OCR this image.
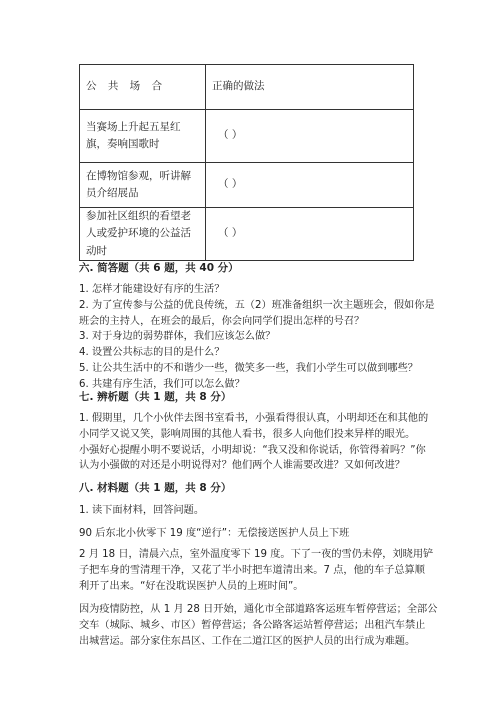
公 共 场 合	正确的做法
当赛场上升起五星红旗，奏响国歌时	（ ）
在博物馆参观，听讲解员介绍展品	（ ）
参加社区组织的看望老人或爱护环境的公益活动时	（ ）
六. 简答题（共 6 题，共 40 分）
1. 怎样才能建设好有序的生活？
2. 为了宣传参与公益的优良传统，五（2）班准备组织一次主题班会，假如你是
班会的主持人，在班会的最后，你会向同学们提出怎样的号召？
3. 对于身边的弱势群体，我们应该怎么做？
4. 设置公共标志的目的是什么？
5. 让公共生活中的不和谐少一些，微笑多一些，我们小学生可以做到哪些？
6. 共建有序生活，我们可以怎么做？
七. 辨析题（共 1 题，共 8 分）
1. 假期里，几个小伙伴去图书室看书，小强看得很认真，小明却还在和其他的
小同学又说又笑，影响周围的其他人看书，很多人向他们投来异样的眼光。
小强好心提醒小明不要说话，小明却说：“我又没和你说话，你管得着吗？”你
认为小强做的对还是小明说得对？他们两个人谁需要改进？又如何改进？
八. 材料题（共 1 题，共 8 分）
1. 读下面材料，回答问题。
90 后东北小伙零下 19 度“逆行”：无偿接送医护人员上下班
2 月 18 日，清晨六点，室外温度零下 19 度。下了一夜的雪仍未停，刘晓用铲
子把车身的雪清理干净，又花了半小时把车道清出来。7 点，他的车子总算顺
利开了出来。“好在没耽误医护人员的上班时间”。
因为疫情防控，从 1 月 28 日开始，通化市全部道路客运班车暂停营运；全部公
交车（城际、城乡、市区）暂停营运；各公路客运站暂停营运；出租汽车禁止
出城营运。部分家住东昌区、工作在二道江区的医护人员的出行成为难题。
